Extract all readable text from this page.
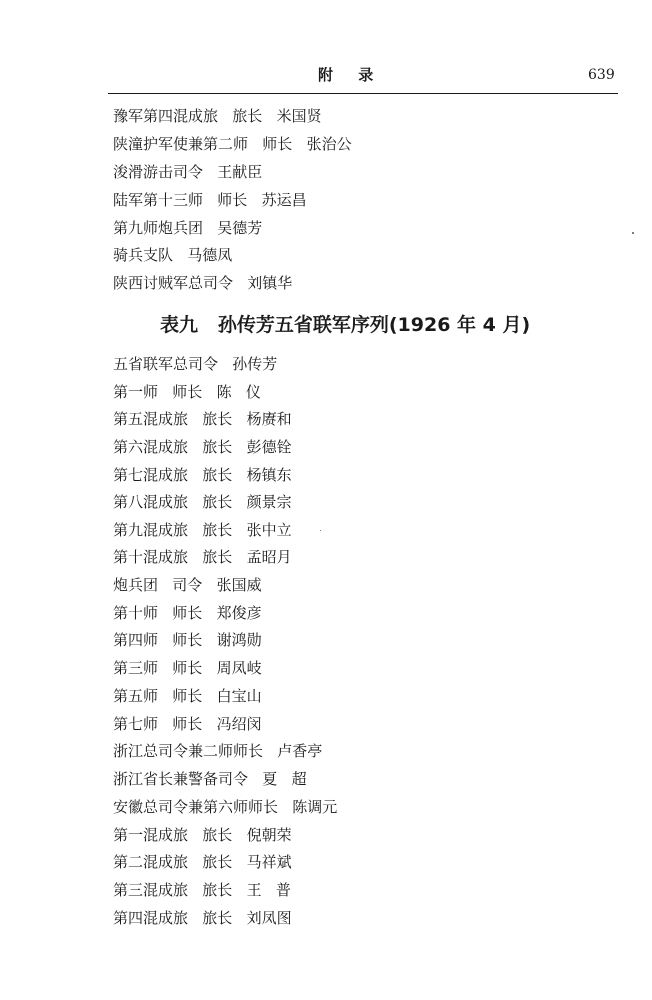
附 录	639
豫军第四混成旅   旅长   米国贤
陕潼护军使兼第二师   师长   张治公
浚滑游击司令   王献臣
陆军第十三师   师长   苏运昌
第九师炮兵团   吴德芳
骑兵支队   马德凤
陕西讨贼军总司令   刘镇华
表九   孙传芳五省联军序列(1926 年 4 月)
五省联军总司令   孙传芳
第一师   师长   陈   仪
第五混成旅   旅长   杨赓和
第六混成旅   旅长   彭德铨
第七混成旅   旅长   杨镇东
第八混成旅   旅长   颜景宗
第九混成旅   旅长   张中立
第十混成旅   旅长   孟昭月
炮兵团   司令   张国威
第十师   师长   郑俊彦
第四师   师长   谢鸿勋
第三师   师长   周凤岐
第五师   师长   白宝山
第七师   师长   冯绍闵
浙江总司令兼二师师长   卢香亭
浙江省长兼警备司令   夏   超
安徽总司令兼第六师师长   陈调元
第一混成旅   旅长   倪朝荣
第二混成旅   旅长   马祥斌
第三混成旅   旅长   王   普
第四混成旅   旅长   刘凤图
